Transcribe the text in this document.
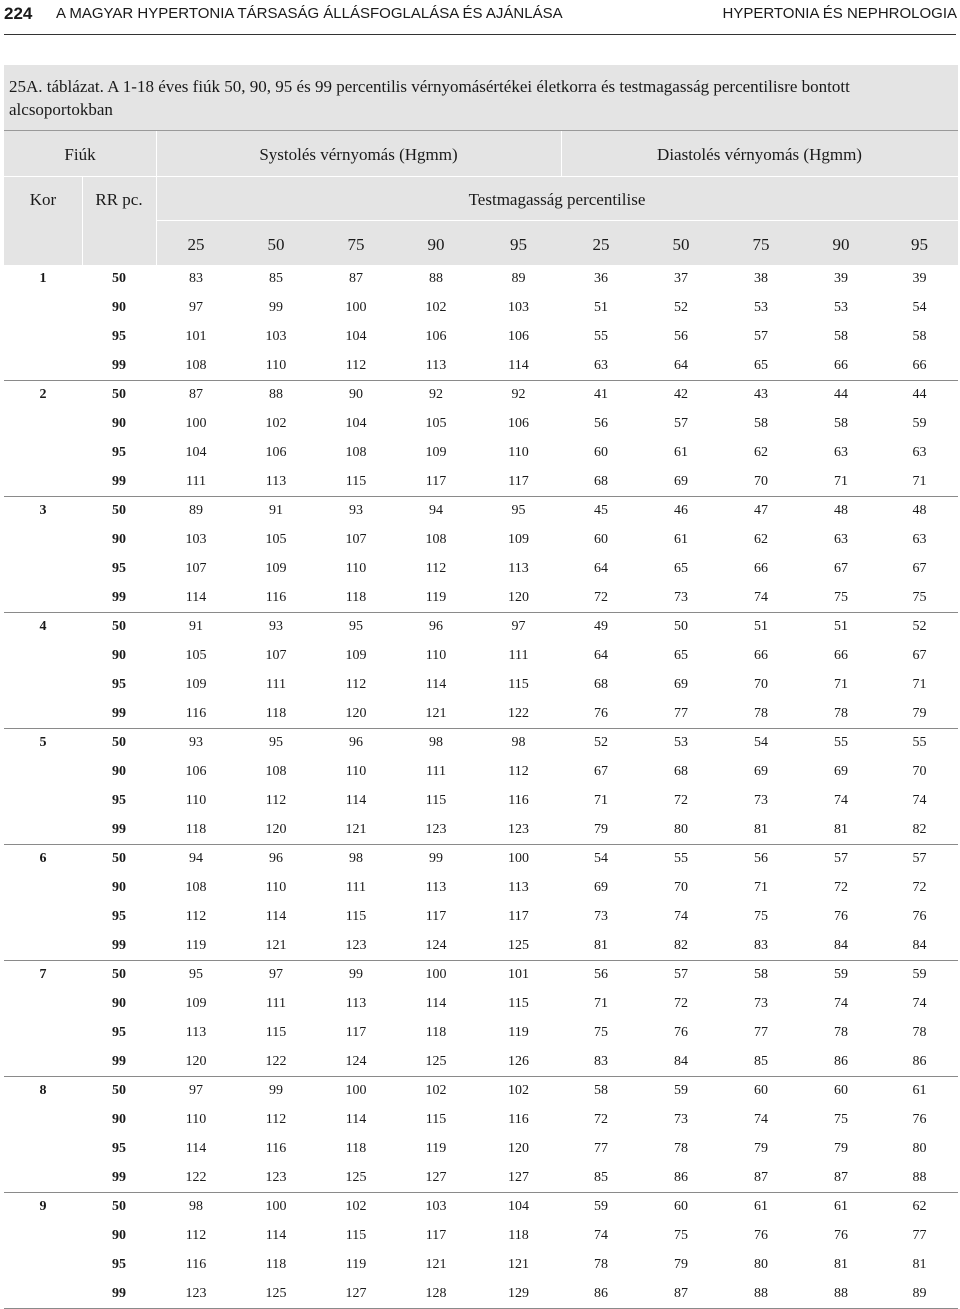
224 A MAGYAR HYPERTONIA TÁRSASÁG ÁLLÁSFOGLALÁSA ÉS AJÁNLÁSA	HYPERTONIA ÉS NEPHROLOGIA
25A. táblázat. A 1-18 éves fiúk 50, 90, 95 és 99 percentilis vérnyomásértékei életkorra és testmagasság percentilisre bontott alcsoportokban
Fiúk	Systolés vérnyomás (Hgmm)	Diastolés vérnyomás (Hgmm)
Kor	RR pc.	Testmagasság percentilise
25	50	75	90	95	25	50	75	90	95
1	50	83	85	87	88	89	36	37	38	39	39
	90	97	99	100	102	103	51	52	53	53	54
	95	101	103	104	106	106	55	56	57	58	58
	99	108	110	112	113	114	63	64	65	66	66
2	50	87	88	90	92	92	41	42	43	44	44
	90	100	102	104	105	106	56	57	58	58	59
	95	104	106	108	109	110	60	61	62	63	63
	99	111	113	115	117	117	68	69	70	71	71
3	50	89	91	93	94	95	45	46	47	48	48
	90	103	105	107	108	109	60	61	62	63	63
	95	107	109	110	112	113	64	65	66	67	67
	99	114	116	118	119	120	72	73	74	75	75
4	50	91	93	95	96	97	49	50	51	51	52
	90	105	107	109	110	111	64	65	66	66	67
	95	109	111	112	114	115	68	69	70	71	71
	99	116	118	120	121	122	76	77	78	78	79
5	50	93	95	96	98	98	52	53	54	55	55
	90	106	108	110	111	112	67	68	69	69	70
	95	110	112	114	115	116	71	72	73	74	74
	99	118	120	121	123	123	79	80	81	81	82
6	50	94	96	98	99	100	54	55	56	57	57
	90	108	110	111	113	113	69	70	71	72	72
	95	112	114	115	117	117	73	74	75	76	76
	99	119	121	123	124	125	81	82	83	84	84
7	50	95	97	99	100	101	56	57	58	59	59
	90	109	111	113	114	115	71	72	73	74	74
	95	113	115	117	118	119	75	76	77	78	78
	99	120	122	124	125	126	83	84	85	86	86
8	50	97	99	100	102	102	58	59	60	60	61
	90	110	112	114	115	116	72	73	74	75	76
	95	114	116	118	119	120	77	78	79	79	80
	99	122	123	125	127	127	85	86	87	87	88
9	50	98	100	102	103	104	59	60	61	61	62
	90	112	114	115	117	118	74	75	76	76	77
	95	116	118	119	121	121	78	79	80	81	81
	99	123	125	127	128	129	86	87	88	88	89
